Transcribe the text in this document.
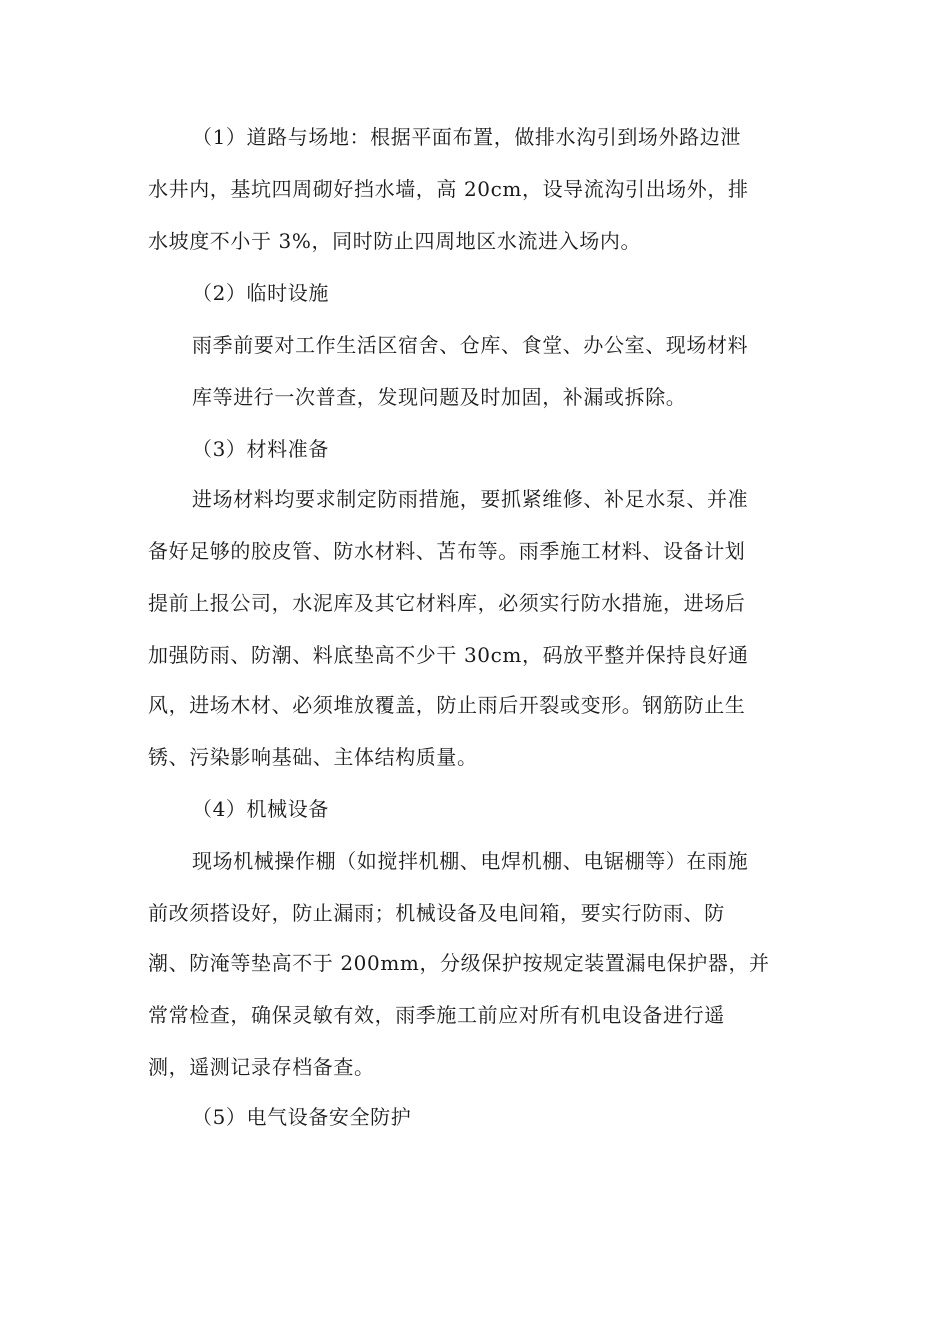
（1）道路与场地：根据平面布置，做排水沟引到场外路边泄
水井内，基坑四周砌好挡水墙，高 20cm，设导流沟引出场外，排
水坡度不小于 3%，同时防止四周地区水流进入场内。
（2）临时设施
雨季前要对工作生活区宿舍、仓库、食堂、办公室、现场材料
库等进行一次普查，发现问题及时加固，补漏或拆除。
（3）材料准备
进场材料均要求制定防雨措施，要抓紧维修、补足水泵、并准
备好足够的胶皮管、防水材料、苫布等。雨季施工材料、设备计划
提前上报公司，水泥库及其它材料库，必须实行防水措施，进场后
加强防雨、防潮、料底垫高不少干 30cm，码放平整并保持良好通
风，进场木材、必须堆放覆盖，防止雨后开裂或变形。钢筋防止生
锈、污染影响基础、主体结构质量。
（4）机械设备
现场机械操作棚（如搅拌机棚、电焊机棚、电锯棚等）在雨施
前改须搭设好，防止漏雨；机械设备及电间箱，要实行防雨、防
潮、防淹等垫高不于 200mm，分级保护按规定装置漏电保护器，并
常常检查，确保灵敏有效，雨季施工前应对所有机电设备进行遥
测，遥测记录存档备查。
（5）电气设备安全防护
